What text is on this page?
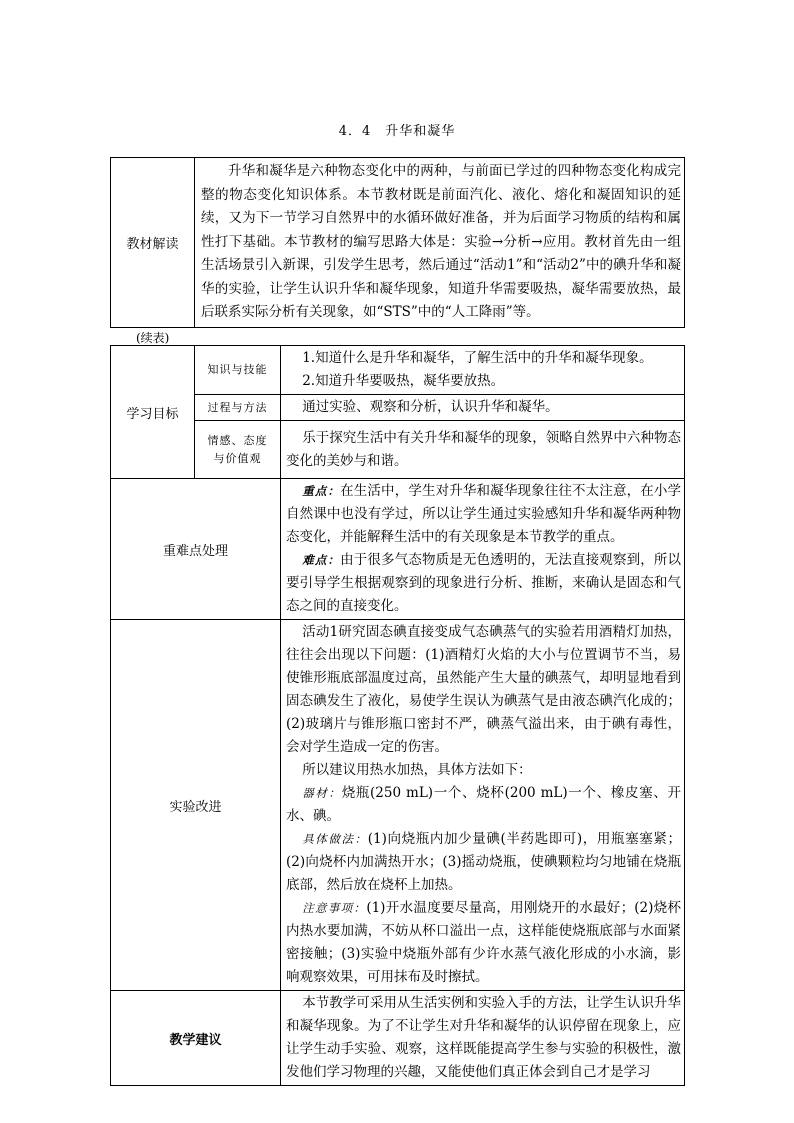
4．4　升华和凝华
教材解读	

升华和凝华是六种物态变化中的两种，与前面已学过的四种物态变化构成完整的物态变化知识体系。本节教材既是前面汽化、液化、熔化和凝固知识的延续，又为下一节学习自然界中的水循环做好准备，并为后面学习物质的结构和属性打下基础。本节教材的编写思路大体是：实验→分析→应用。教材首先由一组生活场景引入新课，引发学生思考，然后通过“活动1”和“活动2”中的碘升华和凝华的实验，让学生认识升华和凝华现象，知道升华需要吸热，凝华需要放热，最后联系实际分析有关现象，如“STS”中的“人工降雨”等。

(续表)
学习目标	知识与技能	1.知道什么是升华和凝华，了解生活中的升华和凝华现象。

2.知道升华要吸热，凝华要放热。

	过程与方法	通过实验、观察和分析，认识升华和凝华。

	情感、态度
与价值观	乐于探究生活中有关升华和凝华的现象，领略自然界中六种物态变化的美妙与和谐。

重难点处理		重点：在生活中，学生对升华和凝华现象往往不太注意，在小学自然课中也没有学过，所以让学生通过实验感知升华和凝华两种物态变化，并能解释生活中的有关现象是本节教学的重点。

难点：由于很多气态物质是无色透明的，无法直接观察到，所以要引导学生根据观察到的现象进行分析、推断，来确认是固态和气态之间的直接变化。

实验改进		活动1研究固态碘直接变成气态碘蒸气的实验若用酒精灯加热，往往会出现以下问题：(1)酒精灯火焰的大小与位置调节不当，易使锥形瓶底部温度过高，虽然能产生大量的碘蒸气，却明显地看到固态碘发生了液化，易使学生误认为碘蒸气是由液态碘汽化成的；(2)玻璃片与锥形瓶口密封不严，碘蒸气溢出来，由于碘有毒性，会对学生造成一定的伤害。

所以建议用热水加热，具体方法如下：

器材：烧瓶(250 mL)一个、烧杯(200 mL)一个、橡皮塞、开水、碘。

具体做法：(1)向烧瓶内加少量碘(半药匙即可)，用瓶塞塞紧；(2)向烧杯内加满热开水；(3)摇动烧瓶，使碘颗粒均匀地铺在烧瓶底部，然后放在烧杯上加热。

注意事项：(1)开水温度要尽量高，用刚烧开的水最好；(2)烧杯内热水要加满，不妨从杯口溢出一点，这样能使烧瓶底部与水面紧密接触；(3)实验中烧瓶外部有少许水蒸气液化形成的小水滴，影响观察效果，可用抹布及时擦拭。

教学建议		本节教学可采用从生活实例和实验入手的方法，让学生认识升华和凝华现象。为了不让学生对升华和凝华的认识停留在现象上，应让学生动手实验、观察，这样既能提高学生参与实验的积极性，激发他们学习物理的兴趣，又能使他们真正体会到自己才是学习
